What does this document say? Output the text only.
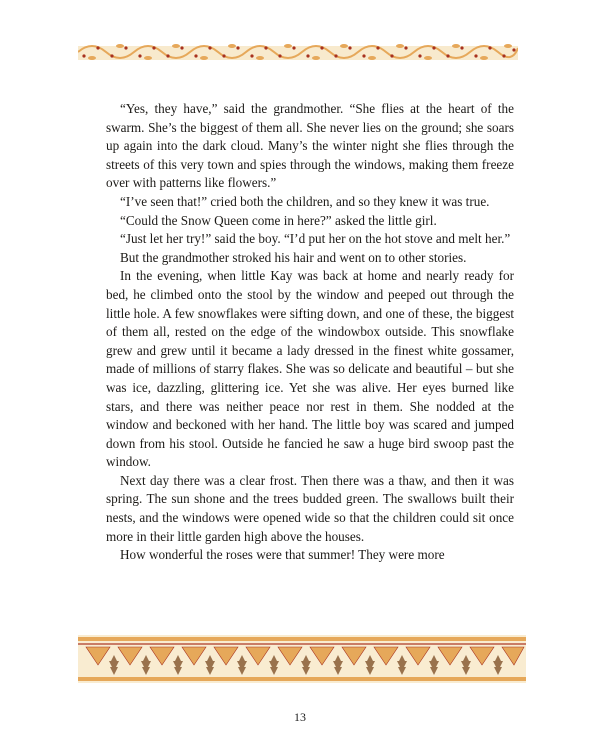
“Yes, they have,” said the grandmother. “She flies at the heart of the swarm. She’s the biggest of them all. She never lies on the ground; she soars up again into the dark cloud. Many’s the winter night she flies through the streets of this very town and spies through the windows, making them freeze over with patterns like flowers.”

“I’ve seen that!” cried both the children, and so they knew it was true.

“Could the Snow Queen come in here?” asked the little girl.

“Just let her try!” said the boy. “I’d put her on the hot stove and melt her.”

But the grandmother stroked his hair and went on to other stories.

In the evening, when little Kay was back at home and nearly ready for bed, he climbed onto the stool by the window and peeped out through the little hole. A few snowflakes were sifting down, and one of these, the biggest of them all, rested on the edge of the windowbox outside. This snowflake grew and grew until it became a lady dressed in the finest white gossamer, made of millions of starry flakes. She was so delicate and beautiful – but she was ice, dazzling, glittering ice. Yet she was alive. Her eyes burned like stars, and there was neither peace nor rest in them. She nodded at the window and beckoned with her hand. The little boy was scared and jumped down from his stool. Outside he fancied he saw a huge bird swoop past the window.

Next day there was a clear frost. Then there was a thaw, and then it was spring. The sun shone and the trees budded green. The swallows built their nests, and the windows were opened wide so that the children could sit once more in their little garden high above the houses.

How wonderful the roses were that summer! They were more

13
